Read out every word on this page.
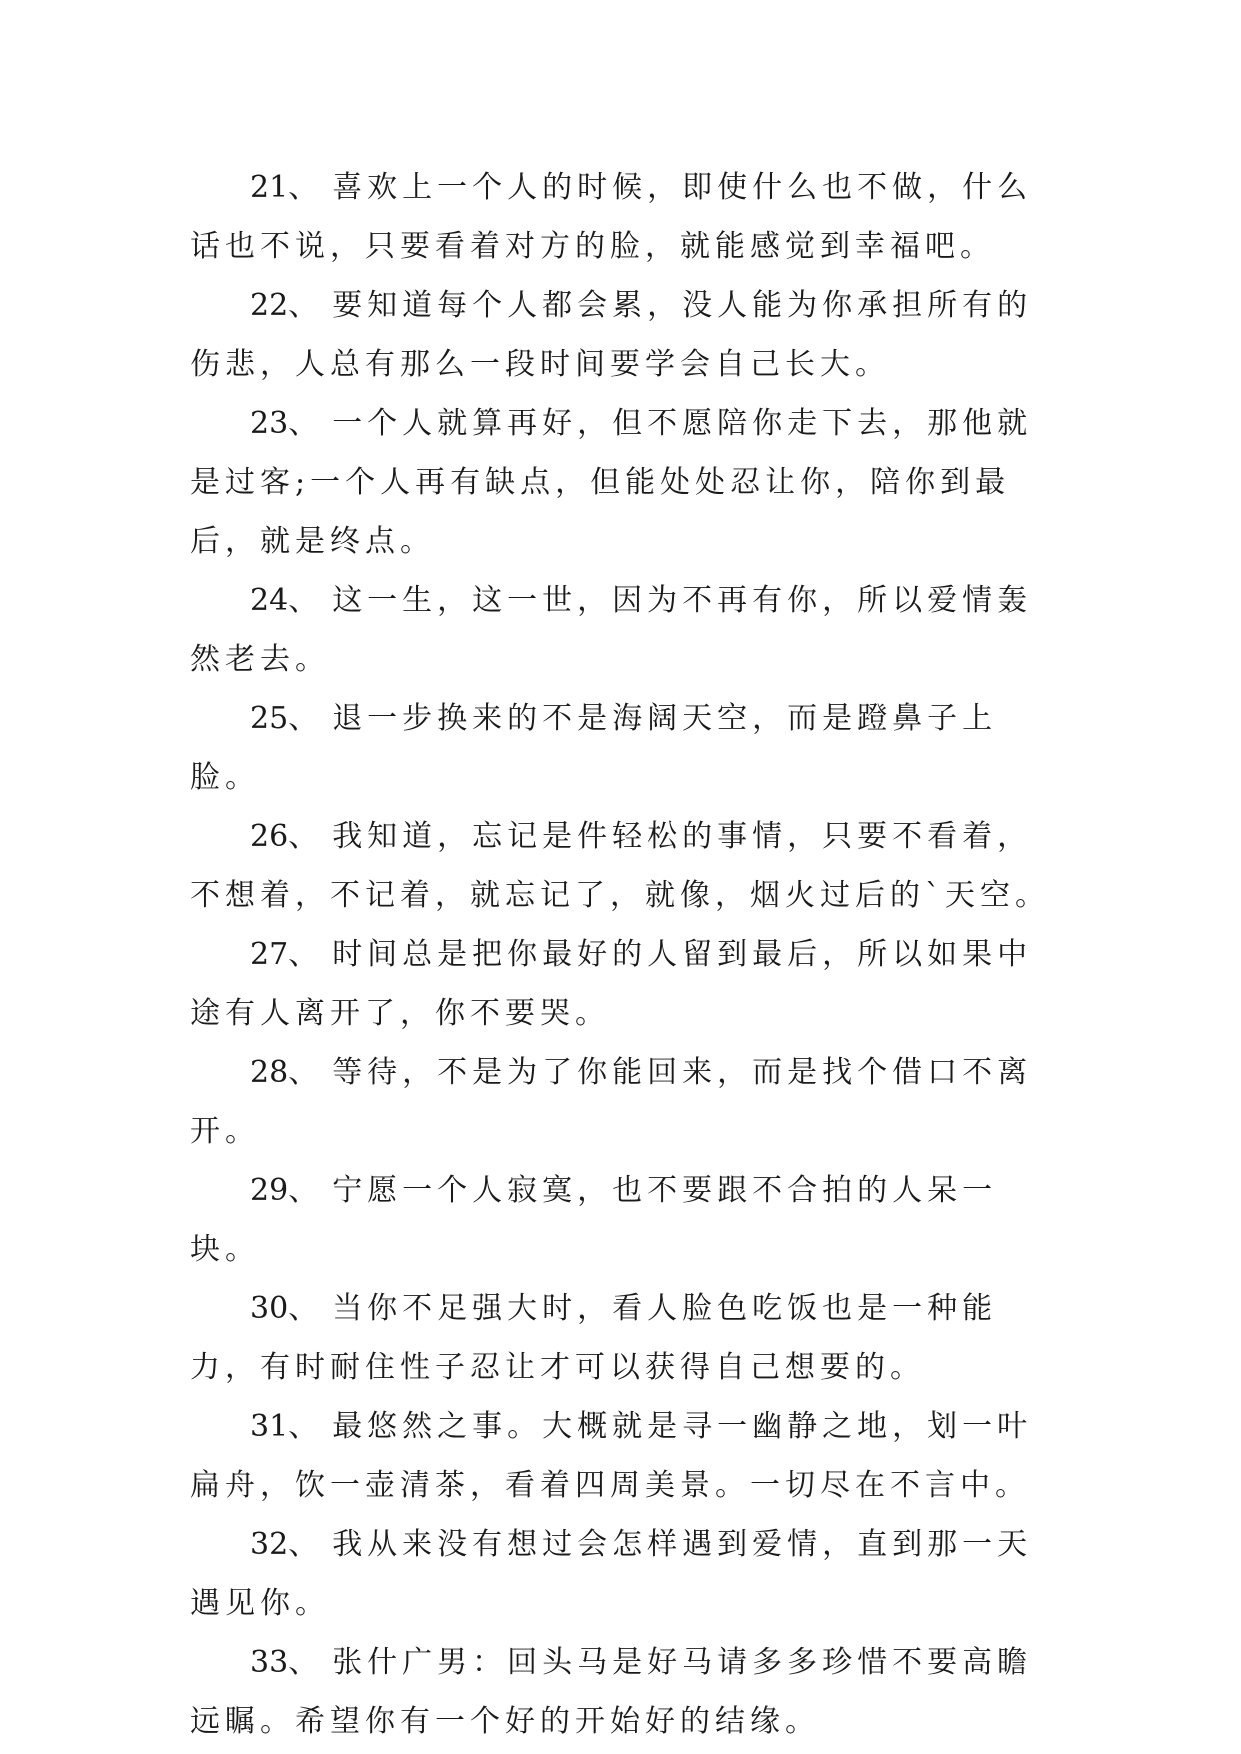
21、 喜欢上一个人的时候，即使什么也不做，什么话也不说，只要看着对方的脸，就能感觉到幸福吧。

22、 要知道每个人都会累，没人能为你承担所有的伤悲，人总有那么一段时间要学会自己长大。

23、 一个人就算再好，但不愿陪你走下去，那他就是过客;一个人再有缺点，但能处处忍让你，陪你到最后，就是终点。

24、 这一生，这一世，因为不再有你，所以爱情轰然老去。

25、 退一步换来的不是海阔天空，而是蹬鼻子上脸。

26、 我知道，忘记是件轻松的事情，只要不看着，不想着，不记着，就忘记了，就像，烟火过后的`天空。

27、 时间总是把你最好的人留到最后，所以如果中途有人离开了，你不要哭。

28、 等待，不是为了你能回来，而是找个借口不离开。

29、 宁愿一个人寂寞，也不要跟不合拍的人呆一块。

30、 当你不足强大时，看人脸色吃饭也是一种能力，有时耐住性子忍让才可以获得自己想要的。

31、 最悠然之事。大概就是寻一幽静之地，划一叶扁舟，饮一壶清茶，看着四周美景。一切尽在不言中。

32、 我从来没有想过会怎样遇到爱情，直到那一天遇见你。

33、 张什广男：回头马是好马请多多珍惜不要高瞻远瞩。希望你有一个好的开始好的结缘。
